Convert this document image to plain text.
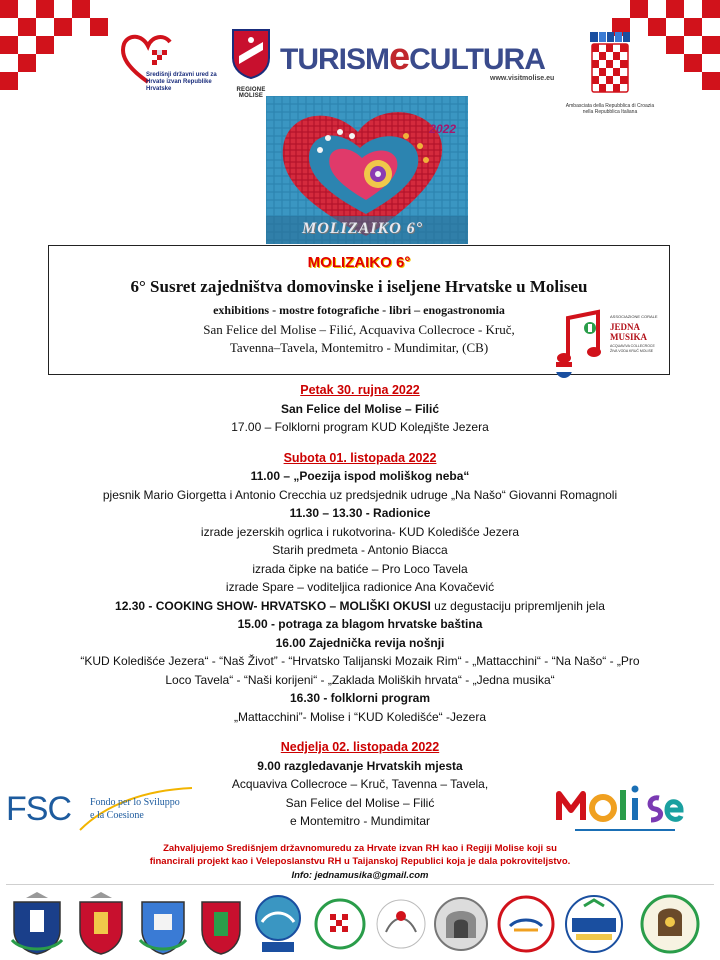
Središnji državni ured za Hrvate izvan Republike Hrvatske	REGIONE MOLISE
TURISMeCULTURA
www.visitmolise.eu
Ambasciata della Repubblica di Croazia nella Repubblica Italiana
2022
MOLIZAIKO 6°
MOLIZAIKO 6°
6° Susret zajedništva domovinske i iseljene Hrvatske u Moliseu
exhibitions - mostre fotografiche - libri – enogastronomia
San Felice del Molise – Filić, Acquaviva Collecroce - Kruč,
Tavenna–Tavela, Montemitro - Mundimitar, (CB)
ASSOCIAZIONE CORALE
JEDNA
MUSIKA
ACQUAVIVA COLLECROCE ŽIVA VODA KRUČ MOLISE
Petak 30. rujna 2022
San Felice del Molise – Filić
17.00 – Folklorni program KUD Kolедište Jezera
Subota 01. listopada 2022
11.00 – „Poezija ispod moliškog neba“
pjesnik Mario Giorgetta i Antonio Crecchia uz predsjednik udruge „Na Našo“ Giovanni Romagnoli
11.30 – 13.30 - Radionice
izrade jezerskih ogrlica i rukotvorina- KUD Koledišće Jezera
Starih predmeta - Antonio Biacca
izrada čipke na batiće – Pro Loco Tavela
izrade Spare – voditeljica radionice Ana Kovačević
12.30 - COOKING SHOW- HRVATSKO – MOLIŠKI OKUSI uz degustaciju pripremljenih jela
15.00 - potraga za blagom hrvatske baština
16.00 Zajednička revija nošnji
“KUD Koledišće Jezera“ - “Naš Život” - “Hrvatsko Talijanski Mozaik Rim“ - „Mattacchini“ - “Na Našo“ - „Pro
Loco Tavela“ - “Naši korijeni“ - „Zaklada Moliških hrvata“ - „Jedna musika“
16.30 - folklorni program
„Mattacchini”- Molise i “KUD Koledišće“ -Jezera
Nedjelja 02. listopada 2022
9.00 razgledavanje Hrvatskih mjesta
Acquaviva Collecroce – Kruč, Tavenna – Tavela,
San Felice del Molise – Filić
e Montemitro - Mundimitar
FSC Fondo per lo Sviluppo
e la Coesione
Zahvaljujemo Središnjem državnomuredu za Hrvate izvan RH kao i Regiji Molise koji su
financirali projekt kao i Veleposlanstvu RH u Taijanskoj Republici koja je dala pokroviteljstvo.
Info: jednamusika@gmail.com
